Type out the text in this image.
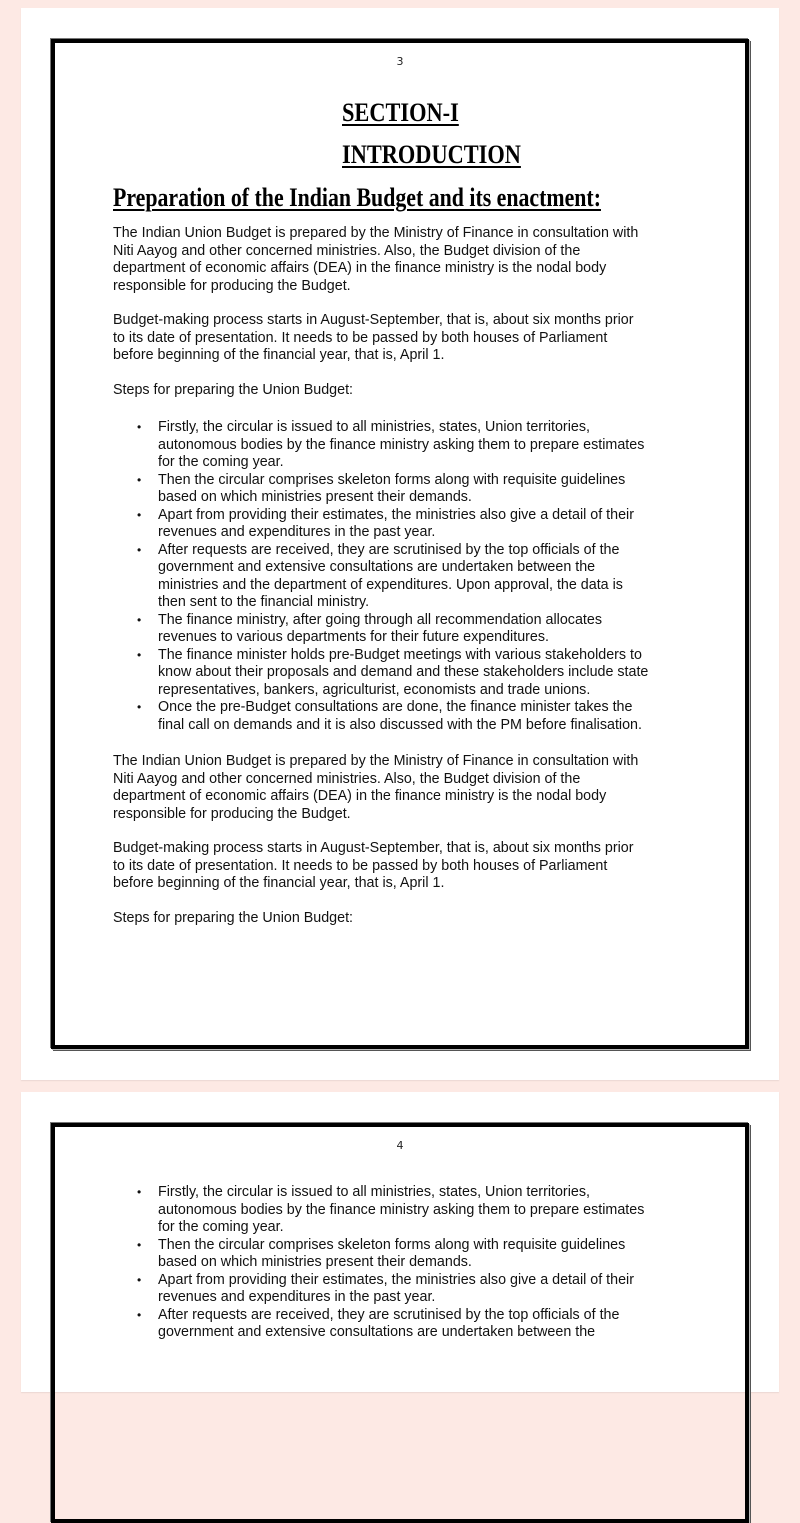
3
SECTION-I
INTRODUCTION
Preparation of the Indian Budget and its enactment:

The Indian Union Budget is prepared by the Ministry of Finance in consultation with
Niti Aayog and other concerned ministries. Also, the Budget division of the
department of economic affairs (DEA) in the finance ministry is the nodal body
responsible for producing the Budget.

Budget-making process starts in August-September, that is, about six months prior
to its date of presentation. It needs to be passed by both houses of Parliament
before beginning of the financial year, that is, April 1.

Steps for preparing the Union Budget:

• Firstly, the circular is issued to all ministries, states, Union territories,
autonomous bodies by the finance ministry asking them to prepare estimates
for the coming year.
• Then the circular comprises skeleton forms along with requisite guidelines
based on which ministries present their demands.
• Apart from providing their estimates, the ministries also give a detail of their
revenues and expenditures in the past year.
• After requests are received, they are scrutinised by the top officials of the
government and extensive consultations are undertaken between the
ministries and the department of expenditures. Upon approval, the data is
then sent to the financial ministry.
• The finance ministry, after going through all recommendation allocates
revenues to various departments for their future expenditures.
• The finance minister holds pre-Budget meetings with various stakeholders to
know about their proposals and demand and these stakeholders include state
representatives, bankers, agriculturist, economists and trade unions.
• Once the pre-Budget consultations are done, the finance minister takes the
final call on demands and it is also discussed with the PM before finalisation.

The Indian Union Budget is prepared by the Ministry of Finance in consultation with
Niti Aayog and other concerned ministries. Also, the Budget division of the
department of economic affairs (DEA) in the finance ministry is the nodal body
responsible for producing the Budget.

Budget-making process starts in August-September, that is, about six months prior
to its date of presentation. It needs to be passed by both houses of Parliament
before beginning of the financial year, that is, April 1.

Steps for preparing the Union Budget:

4
• Firstly, the circular is issued to all ministries, states, Union territories,
autonomous bodies by the finance ministry asking them to prepare estimates
for the coming year.
• Then the circular comprises skeleton forms along with requisite guidelines
based on which ministries present their demands.
• Apart from providing their estimates, the ministries also give a detail of their
revenues and expenditures in the past year.
• After requests are received, they are scrutinised by the top officials of the
government and extensive consultations are undertaken between the
